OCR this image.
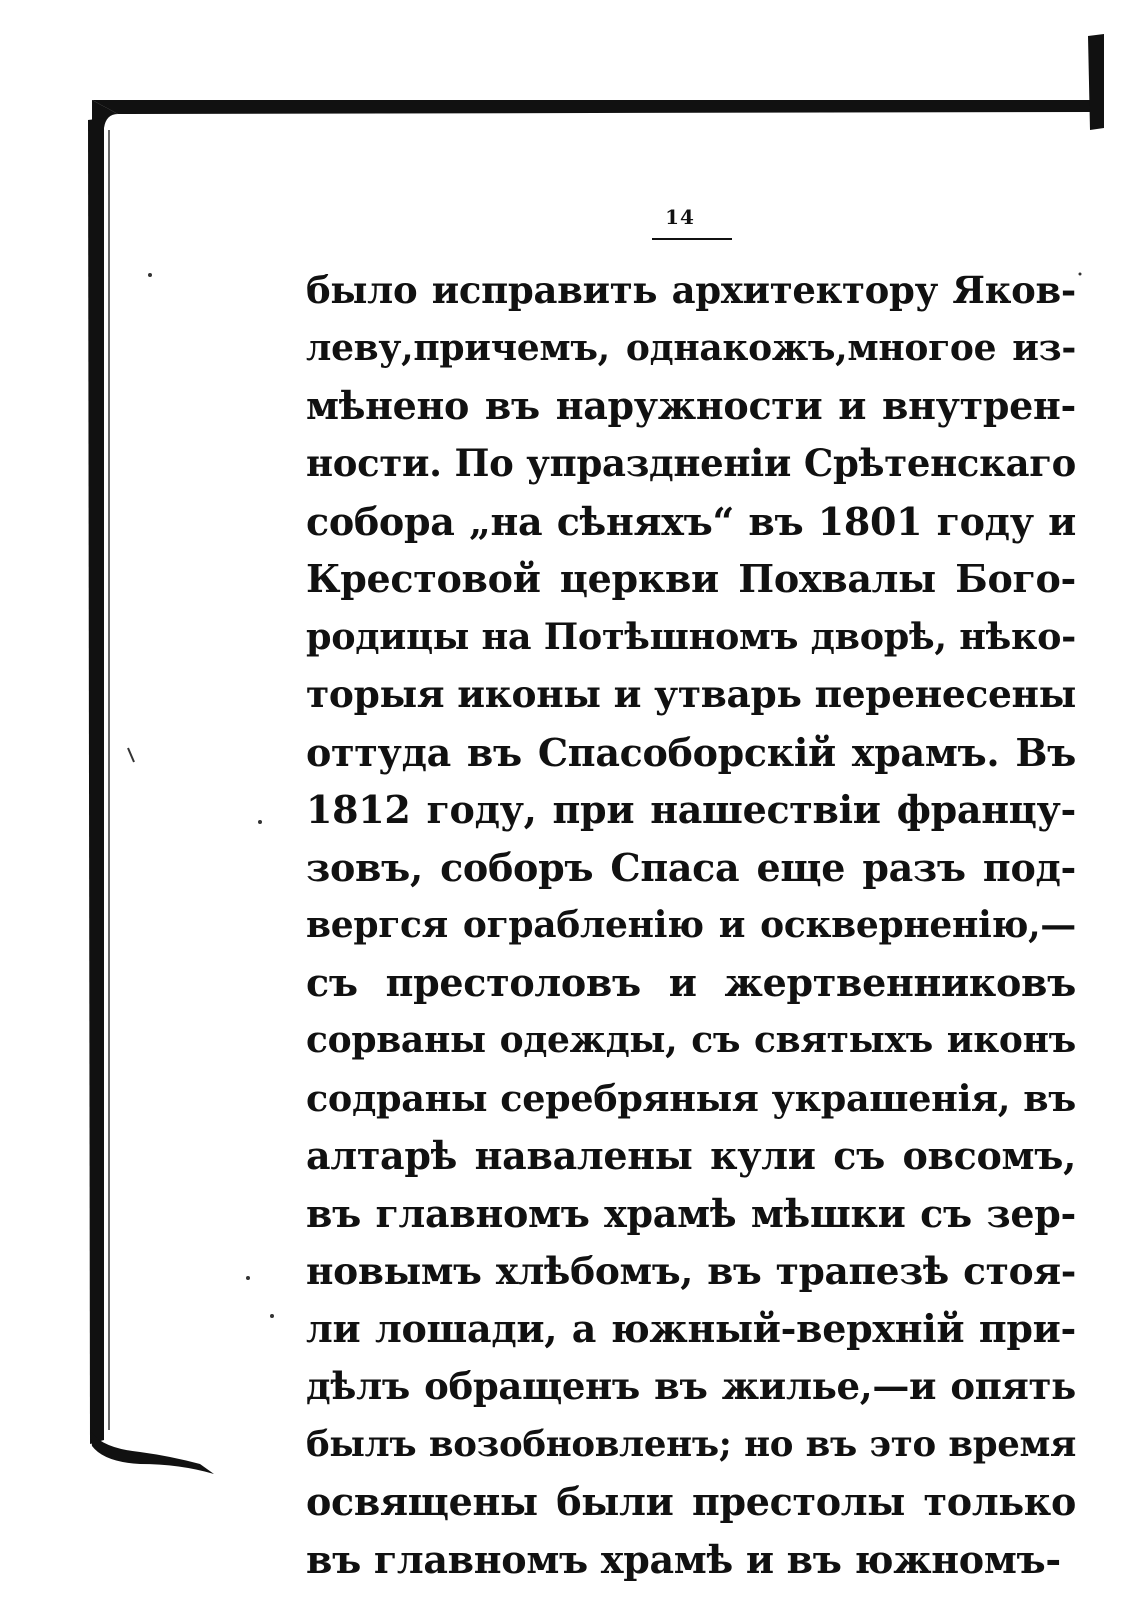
14
было исправить архитектору Яков-
леву,причемъ, однакожъ,многое из-
мѣнено въ наружности и внутрен-
ности. По упраздненіи Срѣтенскаго
собора „на сѣняхъ“ въ 1801 году и
Крестовой церкви Похвалы Бого-
родицы на Потѣшномъ дворѣ, нѣко-
торыя иконы и утварь перенесены
оттуда въ Спасоборскій храмъ. Въ
1812 году, при нашествіи францу-
зовъ, соборъ Спаса еще разъ под-
вергся ограбленію и оскверненію,—
съ престоловъ и жертвенниковъ
сорваны одежды, съ святыхъ иконъ
содраны серебряныя украшенія, въ
алтарѣ навалены кули съ овсомъ,
въ главномъ храмѣ мѣшки съ зер-
новымъ хлѣбомъ, въ трапезѣ стоя-
ли лошади, а южный-верхній при-
дѣлъ обращенъ въ жилье,—и опять
былъ возобновленъ; но въ это время
освящены были престолы только
въ главномъ храмѣ и въ южномъ-
